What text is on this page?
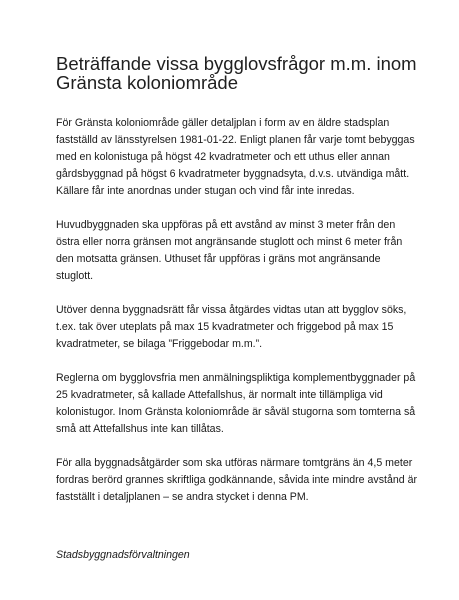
Beträffande vissa bygglovsfrågor m.m. inom
Gränsta koloniområde

För Gränsta koloniområde gäller detaljplan i form av en äldre stadsplan
fastställd av länsstyrelsen 1981-01-22. Enligt planen får varje tomt bebyggas
med en kolonistuga på högst 42 kvadratmeter och ett uthus eller annan
gårdsbyggnad på högst 6 kvadratmeter byggnadsyta, d.v.s. utvändiga mått.
Källare får inte anordnas under stugan och vind får inte inredas.

Huvudbyggnaden ska uppföras på ett avstånd av minst 3 meter från den
östra eller norra gränsen mot angränsande stuglott och minst 6 meter från
den motsatta gränsen. Uthuset får uppföras i gräns mot angränsande
stuglott.

Utöver denna byggnadsrätt får vissa åtgärdes vidtas utan att bygglov söks,
t.ex. tak över uteplats på max 15 kvadratmeter och friggebod på max 15
kvadratmeter, se bilaga ”Friggebodar m.m.”.

Reglerna om bygglovsfria men anmälningspliktiga komplementbyggnader på
25 kvadratmeter, så kallade Attefallshus, är normalt inte tillämpliga vid
kolonistugor. Inom Gränsta koloniområde är såväl stugorna som tomterna så
små att Attefallshus inte kan tillåtas.

För alla byggnadsåtgärder som ska utföras närmare tomtgräns än 4,5 meter
fordras berörd grannes skriftliga godkännande, såvida inte mindre avstånd är
fastställt i detaljplanen – se andra stycket i denna PM.

Stadsbyggnadsförvaltningen
